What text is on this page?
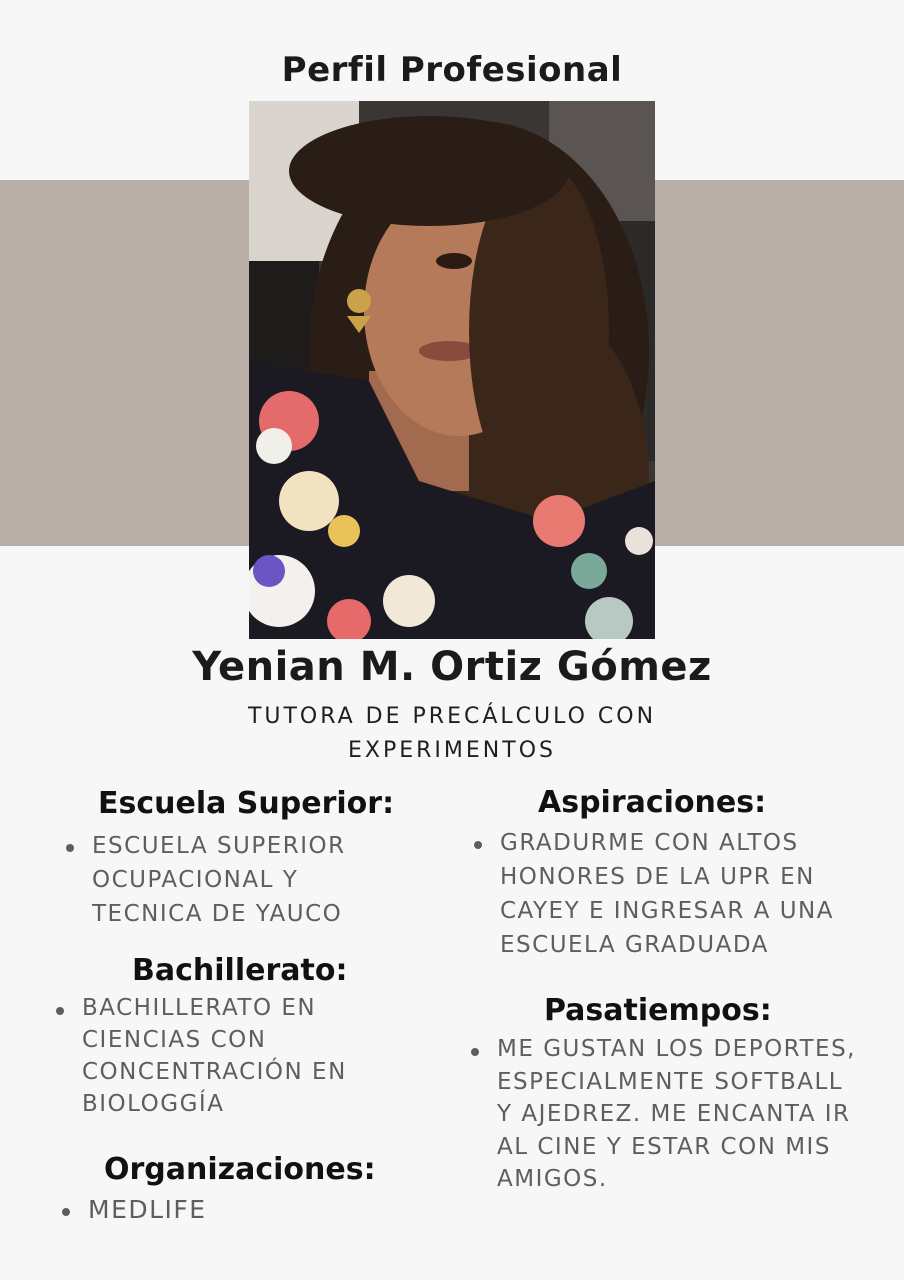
Perfil Profesional
Yenian M. Ortiz Gómez
TUTORA DE PRECÁLCULO CON
EXPERIMENTOS
Escuela Superior:
ESCUELA SUPERIOR OCUPACIONAL Y TECNICA DE YAUCO
Bachillerato:
BACHILLERATO EN CIENCIAS CON CONCENTRACIÓN EN BIOLOGGÍA
Organizaciones:
MEDLIFE
Aspiraciones:
GRADURME CON ALTOS HONORES DE LA UPR EN CAYEY E INGRESAR A UNA ESCUELA GRADUADA
Pasatiempos:
ME GUSTAN LOS DEPORTES, ESPECIALMENTE SOFTBALL Y AJEDREZ. ME ENCANTA IR AL CINE Y ESTAR CON MIS AMIGOS.
